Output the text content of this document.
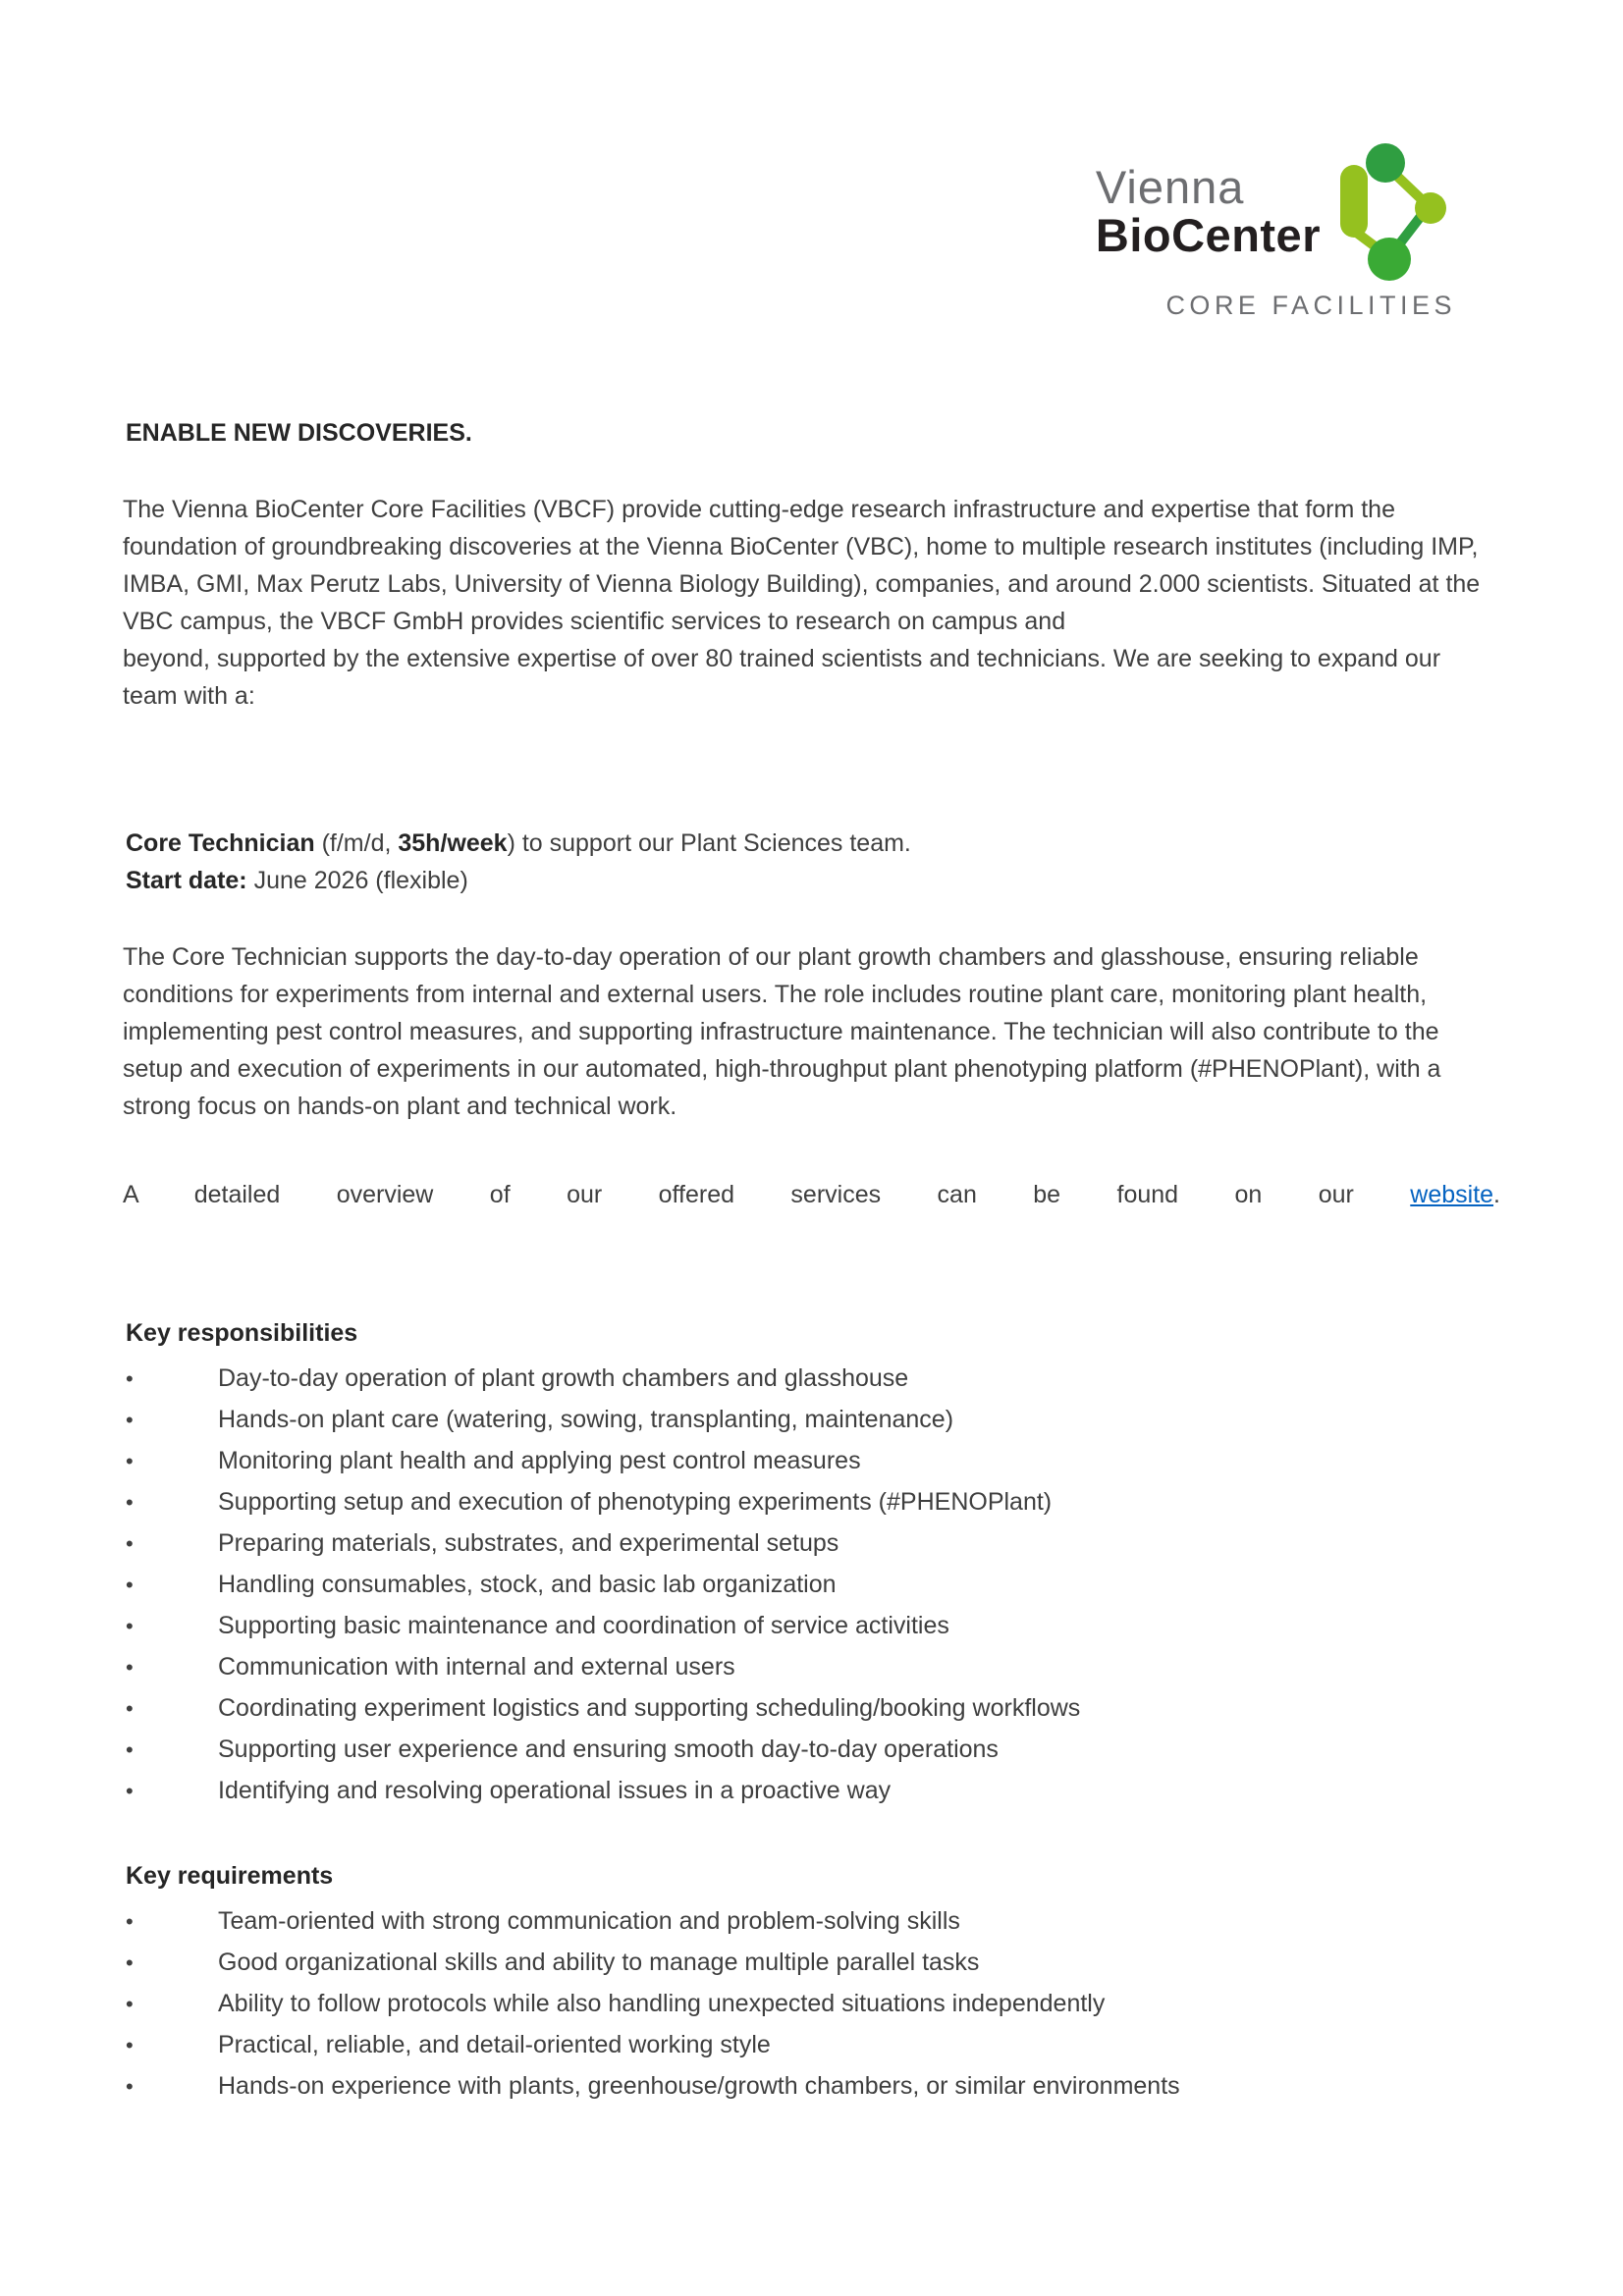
Vienna
BioCenter
CORE FACILITIES
ENABLE NEW DISCOVERIES.

The Vienna BioCenter Core Facilities (VBCF) provide cutting-edge research infrastructure and expertise that form the foundation of groundbreaking discoveries at the Vienna BioCenter (VBC), home to multiple research institutes (including IMP, IMBA, GMI, Max Perutz Labs, University of Vienna Biology Building), companies, and around 2.000 scientists. Situated at the VBC campus, the VBCF GmbH provides scientific services to research on campus and
beyond, supported by the extensive expertise of over 80 trained scientists and technicians. We are seeking to expand our team with a:

Core Technician (f/m/d, 35h/week) to support our Plant Sciences team.
Start date: June 2026 (flexible)

The Core Technician supports the day-to-day operation of our plant growth chambers and glasshouse, ensuring reliable conditions for experiments from internal and external users. The role includes routine plant care, monitoring plant health, implementing pest control measures, and supporting infrastructure maintenance. The technician will also contribute to the setup and execution of experiments in our automated, high-throughput plant phenotyping platform (#PHENOPlant), with a strong focus on hands-on plant and technical work.

A detailed overview of our offered services can be found on our website.

Key responsibilities
•	Day-to-day operation of plant growth chambers and glasshouse
•	Hands-on plant care (watering, sowing, transplanting, maintenance)
•	Monitoring plant health and applying pest control measures
•	Supporting setup and execution of phenotyping experiments (#PHENOPlant)
•	Preparing materials, substrates, and experimental setups
•	Handling consumables, stock, and basic lab organization
•	Supporting basic maintenance and coordination of service activities
•	Communication with internal and external users
•	Coordinating experiment logistics and supporting scheduling/booking workflows
•	Supporting user experience and ensuring smooth day-to-day operations
•	Identifying and resolving operational issues in a proactive way
Key requirements
•	Team-oriented with strong communication and problem-solving skills
•	Good organizational skills and ability to manage multiple parallel tasks
•	Ability to follow protocols while also handling unexpected situations independently
•	Practical, reliable, and detail-oriented working style
•	Hands-on experience with plants, greenhouse/growth chambers, or similar environments
